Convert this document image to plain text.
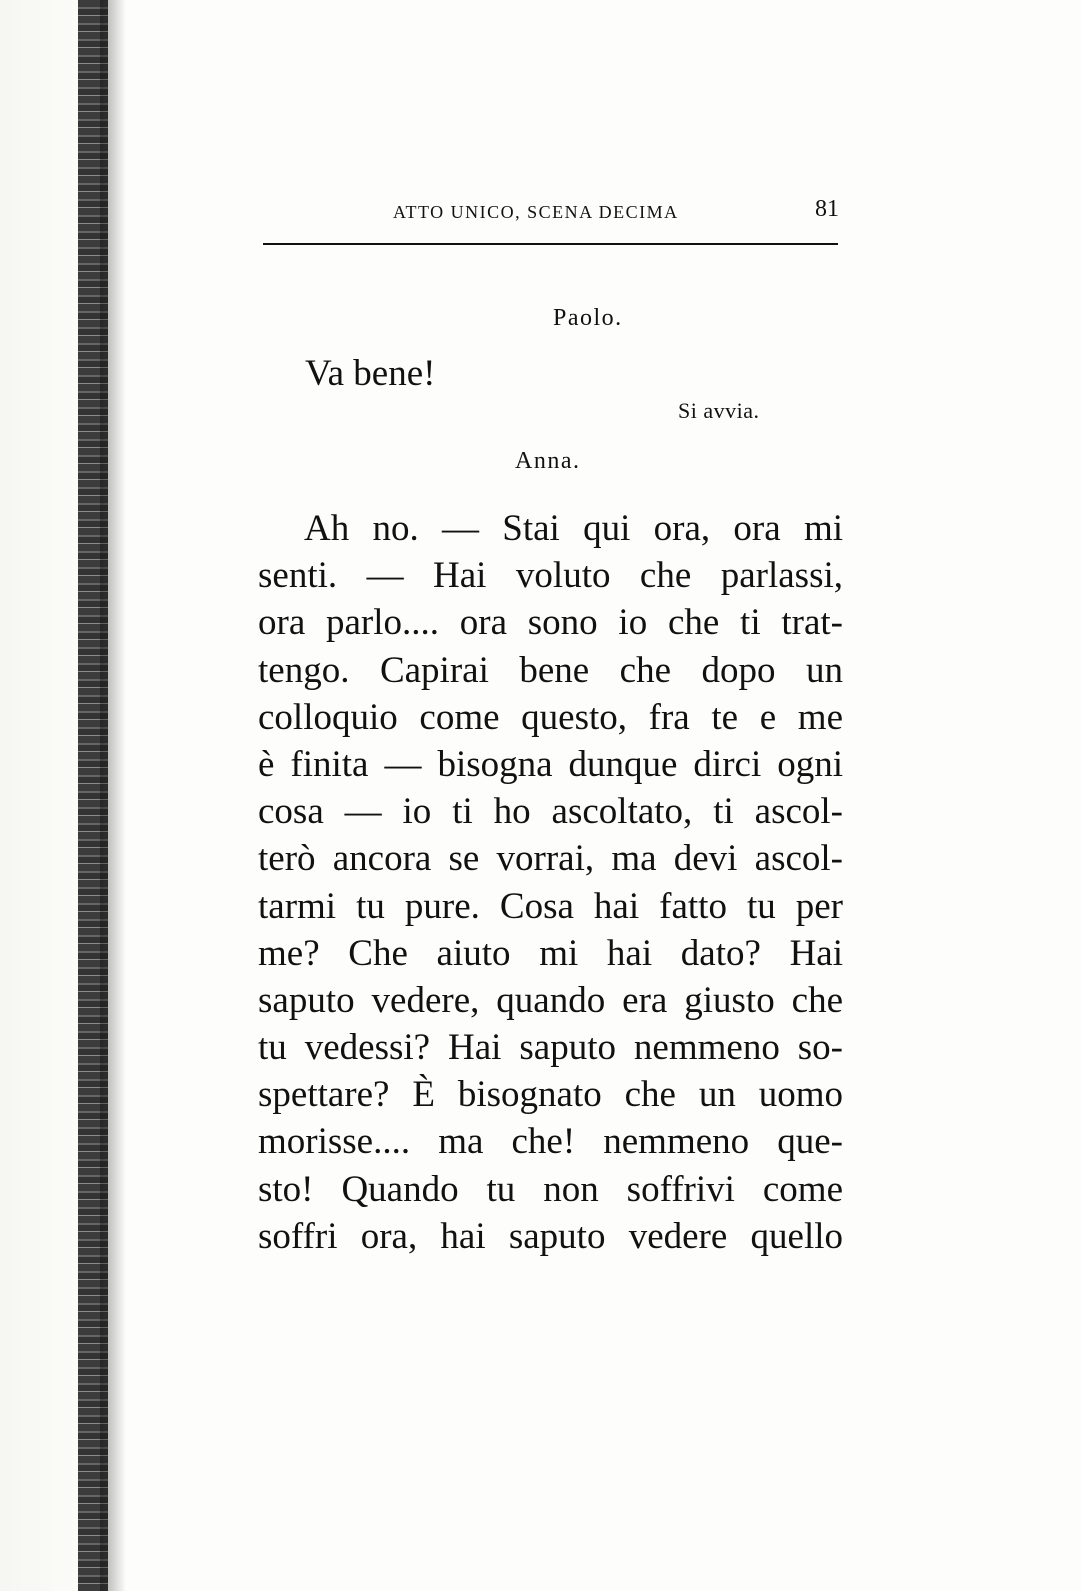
ATTO UNICO, SCENA DECIMA	81
Paolo.
Va bene!
Si avvia.
Anna.
Ah no. — Stai qui ora, ora mi
senti. — Hai voluto che parlassi,
ora parlo.... ora sono io che ti trat-
tengo. Capirai bene che dopo un
colloquio come questo, fra te e me
è finita — bisogna dunque dirci ogni
cosa — io ti ho ascoltato, ti ascol-
terò ancora se vorrai, ma devi ascol-
tarmi tu pure. Cosa hai fatto tu per
me? Che aiuto mi hai dato? Hai
saputo vedere, quando era giusto che
tu vedessi? Hai saputo nemmeno so-
spettare? È bisognato che un uomo
morisse.... ma che! nemmeno que-
sto! Quando tu non soffrivi come
soffri ora, hai saputo vedere quello
